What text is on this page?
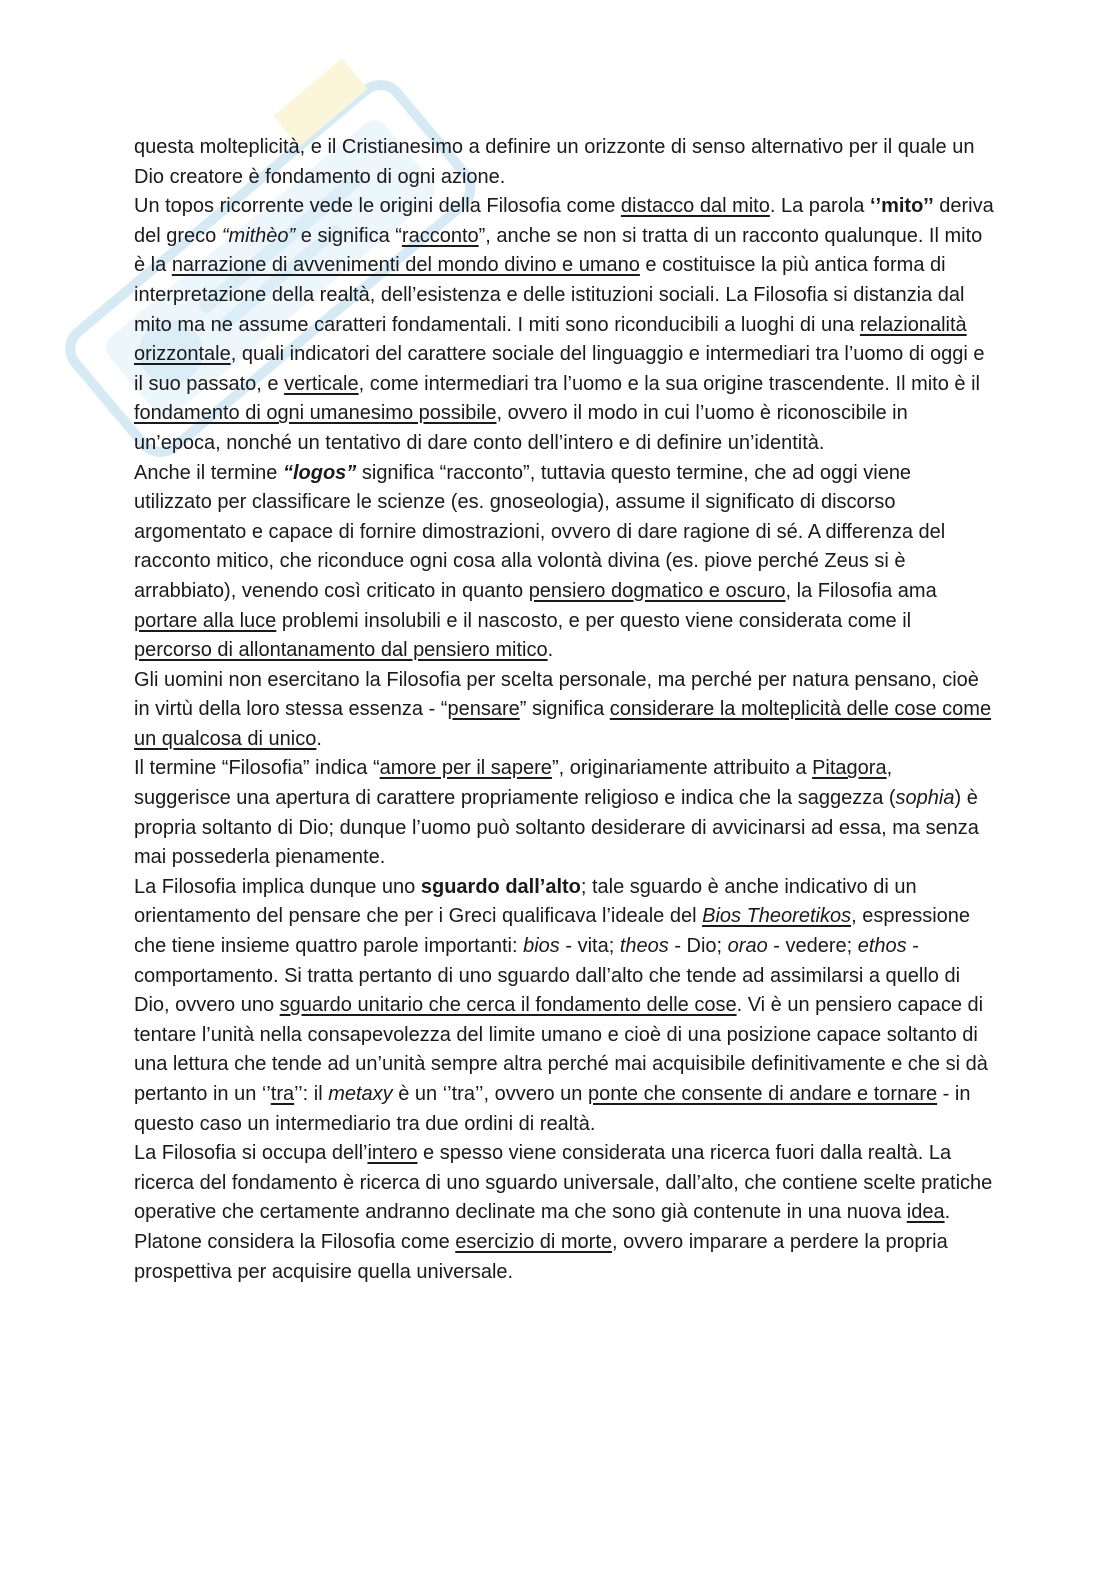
questa molteplicità, e il Cristianesimo a definire un orizzonte di senso alternativo per il quale un Dio creatore è fondamento di ogni azione.

Un topos ricorrente vede le origini della Filosofia come distacco dal mito. La parola ‘’mito’’ deriva del greco “mithèo” e significa “racconto”, anche se non si tratta di un racconto qualunque. Il mito è la narrazione di avvenimenti del mondo divino e umano e costituisce la più antica forma di interpretazione della realtà, dell’esistenza e delle istituzioni sociali. La Filosofia si distanzia dal mito ma ne assume caratteri fondamentali. I miti sono riconducibili a luoghi di una relazionalità orizzontale, quali indicatori del carattere sociale del linguaggio e intermediari tra l’uomo di oggi e il suo passato, e verticale, come intermediari tra l’uomo e la sua origine trascendente. Il mito è il fondamento di ogni umanesimo possibile, ovvero il modo in cui l’uomo è riconoscibile in un’epoca, nonché un tentativo di dare conto dell’intero e di definire un’identità.

Anche il termine “logos” significa “racconto”, tuttavia questo termine, che ad oggi viene utilizzato per classificare le scienze (es. gnoseologia), assume il significato di discorso argomentato e capace di fornire dimostrazioni, ovvero di dare ragione di sé. A differenza del racconto mitico, che riconduce ogni cosa alla volontà divina (es. piove perché Zeus si è arrabbiato), venendo così criticato in quanto pensiero dogmatico e oscuro, la Filosofia ama portare alla luce problemi insolubili e il nascosto, e per questo viene considerata come il percorso di allontanamento dal pensiero mitico.

Gli uomini non esercitano la Filosofia per scelta personale, ma perché per natura pensano, cioè in virtù della loro stessa essenza - “pensare” significa considerare la molteplicità delle cose come un qualcosa di unico.

Il termine “Filosofia” indica “amore per il sapere”, originariamente attribuito a Pitagora, suggerisce una apertura di carattere propriamente religioso e indica che la saggezza (sophia) è propria soltanto di Dio; dunque l’uomo può soltanto desiderare di avvicinarsi ad essa, ma senza mai possederla pienamente.

La Filosofia implica dunque uno sguardo dall’alto; tale sguardo è anche indicativo di un orientamento del pensare che per i Greci qualificava l’ideale del Bios Theoretikos, espressione che tiene insieme quattro parole importanti: bios - vita; theos - Dio; orao - vedere; ethos - comportamento. Si tratta pertanto di uno sguardo dall’alto che tende ad assimilarsi a quello di Dio, ovvero uno sguardo unitario che cerca il fondamento delle cose. Vi è un pensiero capace di tentare l’unità nella consapevolezza del limite umano e cioè di una posizione capace soltanto di una lettura che tende ad un’unità sempre altra perché mai acquisibile definitivamente e che si dà pertanto in un ‘’tra’’: il metaxy è un ‘’tra’’, ovvero un ponte che consente di andare e tornare - in questo caso un intermediario tra due ordini di realtà.

La Filosofia si occupa dell’intero e spesso viene considerata una ricerca fuori dalla realtà. La ricerca del fondamento è ricerca di uno sguardo universale, dall’alto, che contiene scelte pratiche operative che certamente andranno declinate ma che sono già contenute in una nuova idea. Platone considera la Filosofia come esercizio di morte, ovvero imparare a perdere la propria prospettiva per acquisire quella universale.
